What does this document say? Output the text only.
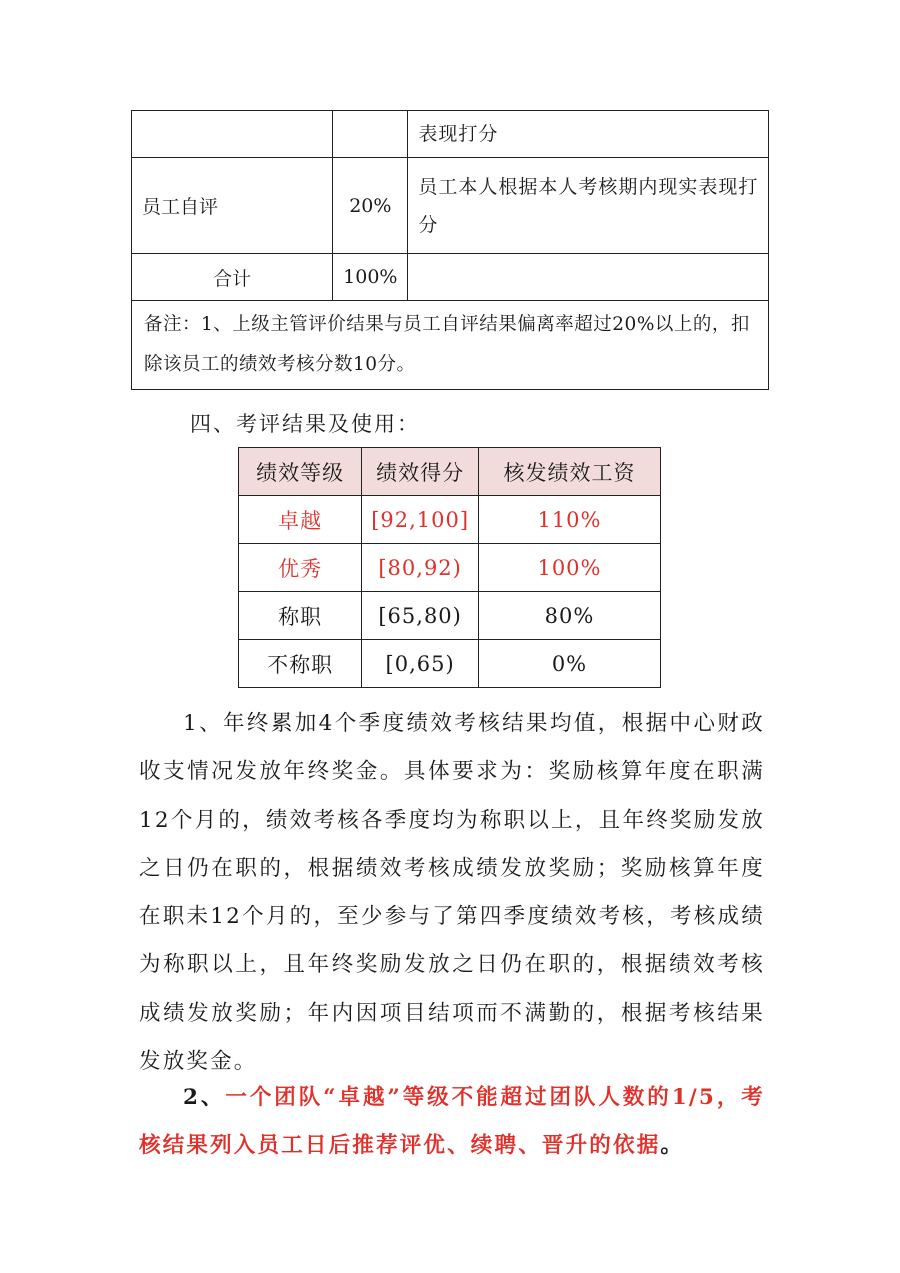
		表现打分
员工自评	20%	员工本人根据本人考核期内现实表现打分
合计	100%	
备注：1、上级主管评价结果与员工自评结果偏离率超过20%以上的，扣除该员工的绩效考核分数10分。		
四、考评结果及使用：
绩效等级	绩效得分	核发绩效工资
卓越	[92,100]	110%
优秀	[80,92)	100%
称职	[65,80)	80%
不称职	[0,65)	0%

1、年终累加4个季度绩效考核结果均值，根据中心财政收支情况发放年终奖金。具体要求为：奖励核算年度在职满12个月的，绩效考核各季度均为称职以上，且年终奖励发放之日仍在职的，根据绩效考核成绩发放奖励；奖励核算年度在职未12个月的，至少参与了第四季度绩效考核，考核成绩为称职以上，且年终奖励发放之日仍在职的，根据绩效考核成绩发放奖励；年内因项目结项而不满勤的，根据考核结果发放奖金。

2、一个团队“卓越”等级不能超过团队人数的1/5，考核结果列入员工日后推荐评优、续聘、晋升的依据。
